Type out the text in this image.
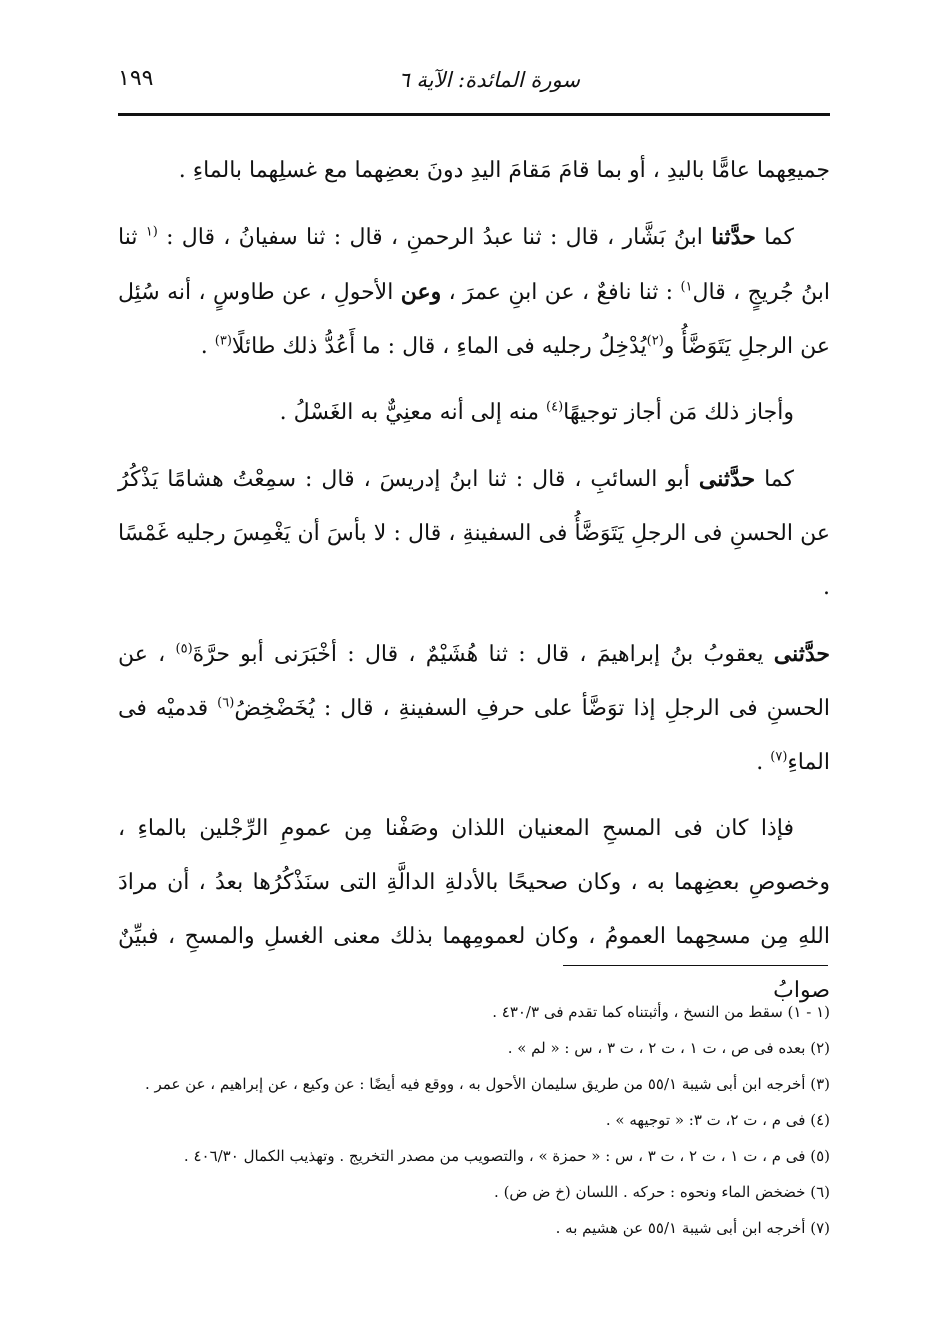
سورة المائدة: الآية ٦
١٩٩

جميعِهما عامًّا باليدِ ، أو بما قامَ مَقامَ اليدِ دونَ بعضِهما مع غسلِهما بالماءِ .

كما حدَّثنا ابنُ بَشَّار ، قال : ثنا عبدُ الرحمنِ ، قال : ثنا سفيانُ ، قال : $^{(١}$ ثنا ابنُ جُريجٍ ، قال$^{١)}$ : ثنا نافعٌ ، عن ابنِ عمرَ ، وعن الأحولِ ، عن طاوسٍ ، أنه سُئِل عن الرجلِ يَتَوَضَّأُ و$^{(٢)}$يُدْخِلُ رجليه فى الماءِ ، قال : ما أَعُدُّ ذلك طائلًا$^{(٣)}$ .

وأجاز ذلك مَن أجاز توجيهًا$^{(٤)}$ منه إلى أنه معنِيٌّ به الغَسْلُ .

كما حدَّثنى أبو السائبِ ، قال : ثنا ابنُ إدريسَ ، قال : سمِعْتُ هشامًا يَذْكُرُ عن الحسنِ فى الرجلِ يَتَوَضَّأُ فى السفينةِ ، قال : لا بأسَ أن يَغْمِسَ رجليه غَمْسًا .

حدَّثنى يعقوبُ بنُ إبراهيمَ ، قال : ثنا هُشَيْمٌ ، قال : أخْبَرَنى أبو حرَّةَ$^{(٥)}$ ، عن الحسنِ فى الرجلِ إذا توَضَّأ على حرفِ السفينةِ ، قال : يُخَضْخِضُ$^{(٦)}$ قدميْه فى الماءِ$^{(٧)}$ .

فإذا كان فى المسحِ المعنيان اللذان وصَفْنا مِن عمومِ الرِّجْلين بالماءِ ، وخصوصِ بعضِهما به ، وكان صحيحًا بالأدلةِ الدالَّةِ التى سنَذْكُرُها بعدُ ، أن مرادَ اللهِ مِن مسحِهما العمومُ ، وكان لعمومِهما بذلك معنى الغسلِ والمسحِ ، فبيِّنٌ صوابُ

(١ - ١) سقط من النسخ ، وأثبتناه كما تقدم فى ٤٣٠/٣ .

(٢) بعده فى ص ، ت ١ ، ت ٢ ، ت ٣ ، س : « لم » .

(٣) أخرجه ابن أبى شيبة ٥٥/١ من طريق سليمان الأحول به ، ووقع فيه أيضًا : عن وكيع ، عن إبراهيم ، عن عمر .

(٤) فى م ، ت ٢، ت ٣: « توجيهه » .

(٥) فى م ، ت ١ ، ت ٢ ، ت ٣ ، س : « حمزة » ، والتصويب من مصدر التخريج . وتهذيب الكمال ٤٠٦/٣٠ .

(٦) خضخض الماء ونحوه : حركه . اللسان (خ ض ض) .

(٧) أخرجه ابن أبى شيبة ٥٥/١ عن هشيم به .
